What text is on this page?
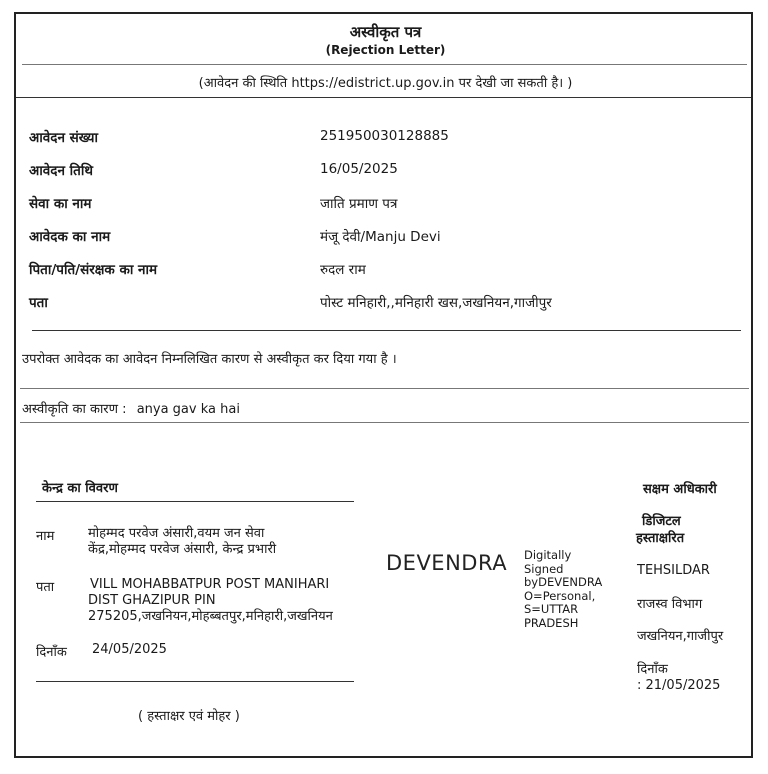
अस्वीकृत पत्र
(Rejection Letter)
(आवेदन की स्थिति https://edistrict.up.gov.in पर देखी जा सकती है। )
आवेदन संख्या	251950030128885
आवेदन तिथि	16/05/2025
सेवा का नाम	जाति प्रमाण पत्र
आवेदक का नाम	मंजू देवी/Manju Devi
पिता/पति/संरक्षक का नाम	रुदल राम
पता	पोस्ट मनिहारी,,मनिहारी खस,जखनियन,गाजीपुर
उपरोक्त आवेदक का आवेदन निम्नलिखित कारण से अस्वीकृत कर दिया गया है ।
अस्वीकृति का कारण : anya gav ka hai
केन्द्र का विवरण
नाम	मोहम्मद परवेज अंसारी,वयम जन सेवा
केंद्र,मोहम्मद परवेज अंसारी, केन्द्र प्रभारी
पता	VILL MOHABBATPUR POST MANIHARI
DIST GHAZIPUR PIN
275205,जखनियन,मोहब्बतपुर,मनिहारी,जखनियन
दिनाँक 24/05/2025
( हस्ताक्षर एवं मोहर )
DEVENDRA Digitally
Signed
byDEVENDRA
O=Personal,
S=UTTAR
PRADESH
सक्षम अधिकारी
डिजिटल
हस्ताक्षरित
TEHSILDAR
राजस्व विभाग
जखनियन,गाजीपुर
दिनाँक
: 21/05/2025
